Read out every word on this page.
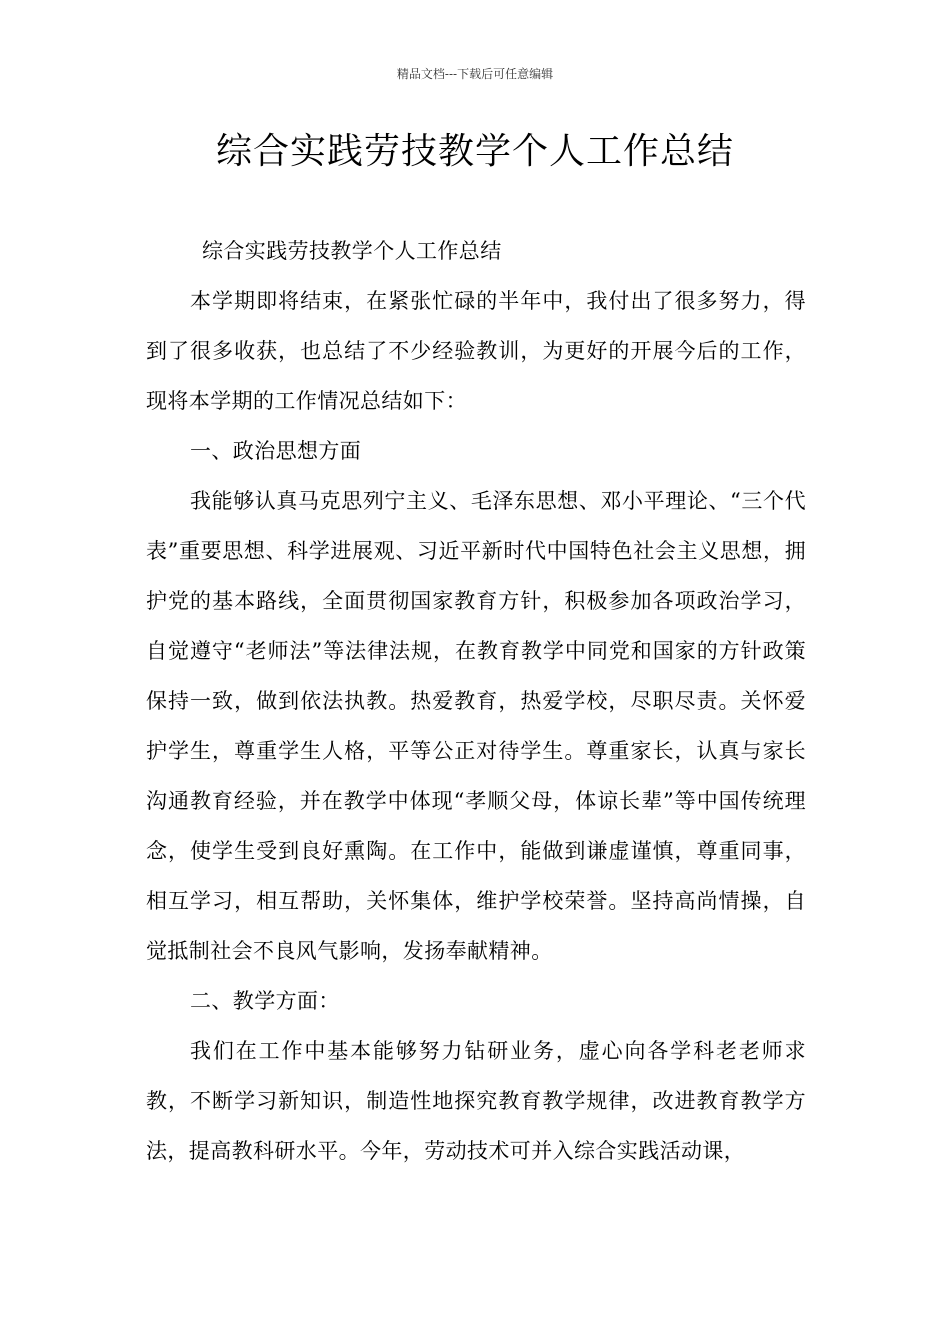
精品文档---下载后可任意编辑
综合实践劳技教学个人工作总结

综合实践劳技教学个人工作总结

本学期即将结束，在紧张忙碌的半年中，我付出了很多努力，得到了很多收获，也总结了不少经验教训，为更好的开展今后的工作，现将本学期的工作情况总结如下：

一、政治思想方面

我能够认真马克思列宁主义、毛泽东思想、邓小平理论、“三个代表”重要思想、科学进展观、习近平新时代中国特色社会主义思想，拥护党的基本路线，全面贯彻国家教育方针，积极参加各项政治学习，自觉遵守“老师法”等法律法规，在教育教学中同党和国家的方针政策保持一致，做到依法执教。热爱教育，热爱学校，尽职尽责。关怀爱护学生，尊重学生人格，平等公正对待学生。尊重家长，认真与家长沟通教育经验，并在教学中体现“孝顺父母，体谅长辈”等中国传统理念，使学生受到良好熏陶。在工作中，能做到谦虚谨慎，尊重同事，相互学习，相互帮助，关怀集体，维护学校荣誉。坚持高尚情操，自觉抵制社会不良风气影响，发扬奉献精神。

二、教学方面：

我们在工作中基本能够努力钻研业务，虚心向各学科老老师求教，不断学习新知识，制造性地探究教育教学规律，改进教育教学方法，提高教科研水平。今年，劳动技术可并入综合实践活动课，
